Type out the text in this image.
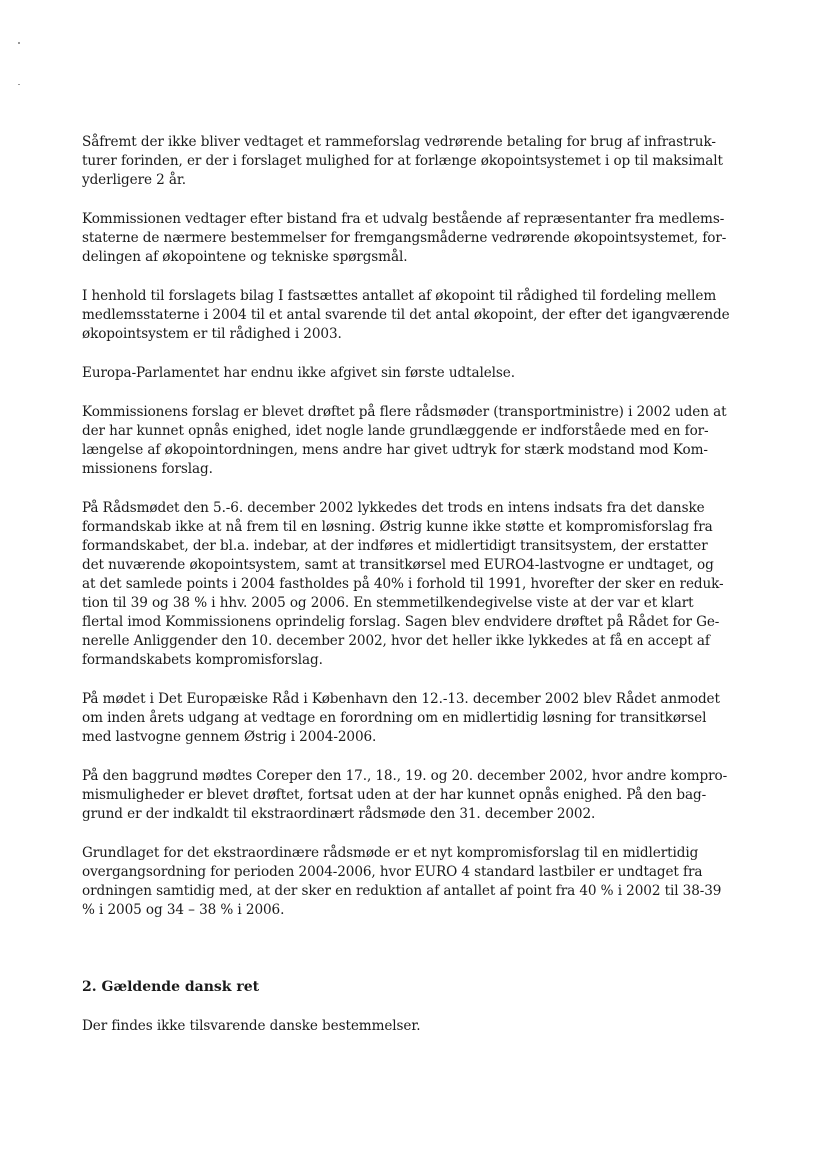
Såfremt der ikke bliver vedtaget et rammeforslag vedrørende betaling for brug af infrastruk-
turer forinden, er der i forslaget mulighed for at forlænge økopointsystemet i op til maksimalt
yderligere 2 år.

Kommissionen vedtager efter bistand fra et udvalg bestående af repræsentanter fra medlems-
staterne de nærmere bestemmelser for fremgangsmåderne vedrørende økopointsystemet, for-
delingen af økopointene og tekniske spørgsmål.

I henhold til forslagets bilag I fastsættes antallet af økopoint til rådighed til fordeling mellem
medlemsstaterne i 2004 til et antal svarende til det antal økopoint, der efter det igangværende
økopointsystem er til rådighed i 2003.

Europa-Parlamentet har endnu ikke afgivet sin første udtalelse.

Kommissionens forslag er blevet drøftet på flere rådsmøder (transportministre) i 2002 uden at
der har kunnet opnås enighed, idet nogle lande grundlæggende er indforståede med en for-
længelse af økopointordningen, mens andre har givet udtryk for stærk modstand mod Kom-
missionens forslag.

På Rådsmødet den 5.-6. december 2002 lykkedes det trods en intens indsats fra det danske
formandskab ikke at nå frem til en løsning. Østrig kunne ikke støtte et kompromisforslag fra
formandskabet, der bl.a. indebar, at der indføres et midlertidigt transitsystem, der erstatter
det nuværende økopointsystem, samt at transitkørsel med EURO4-lastvogne er undtaget, og
at det samlede points i 2004 fastholdes på 40% i forhold til 1991, hvorefter der sker en reduk-
tion til 39 og 38 % i hhv. 2005 og 2006. En stemmetilkendegivelse viste at der var et klart
flertal imod Kommissionens oprindelig forslag. Sagen blev endvidere drøftet på Rådet for Ge-
nerelle Anliggender den 10. december 2002, hvor det heller ikke lykkedes at få en accept af
formandskabets kompromisforslag.

På mødet i Det Europæiske Råd i København den 12.-13. december 2002 blev Rådet anmodet
om inden årets udgang at vedtage en forordning om en midlertidig løsning for transitkørsel
med lastvogne gennem Østrig i 2004-2006.

På den baggrund mødtes Coreper den 17., 18., 19. og 20. december 2002, hvor andre kompro-
mismuligheder er blevet drøftet, fortsat uden at der har kunnet opnås enighed. På den bag-
grund er der indkaldt til ekstraordinært rådsmøde den 31. december 2002.

Grundlaget for det ekstraordinære rådsmøde er et nyt kompromisforslag til en midlertidig
overgangsordning for perioden 2004-2006, hvor EURO 4 standard lastbiler er undtaget fra
ordningen samtidig med, at der sker en reduktion af antallet af point fra 40 % i 2002 til 38-39
% i 2005 og 34 – 38 % i 2006.

2. Gældende dansk ret

Der findes ikke tilsvarende danske bestemmelser.
